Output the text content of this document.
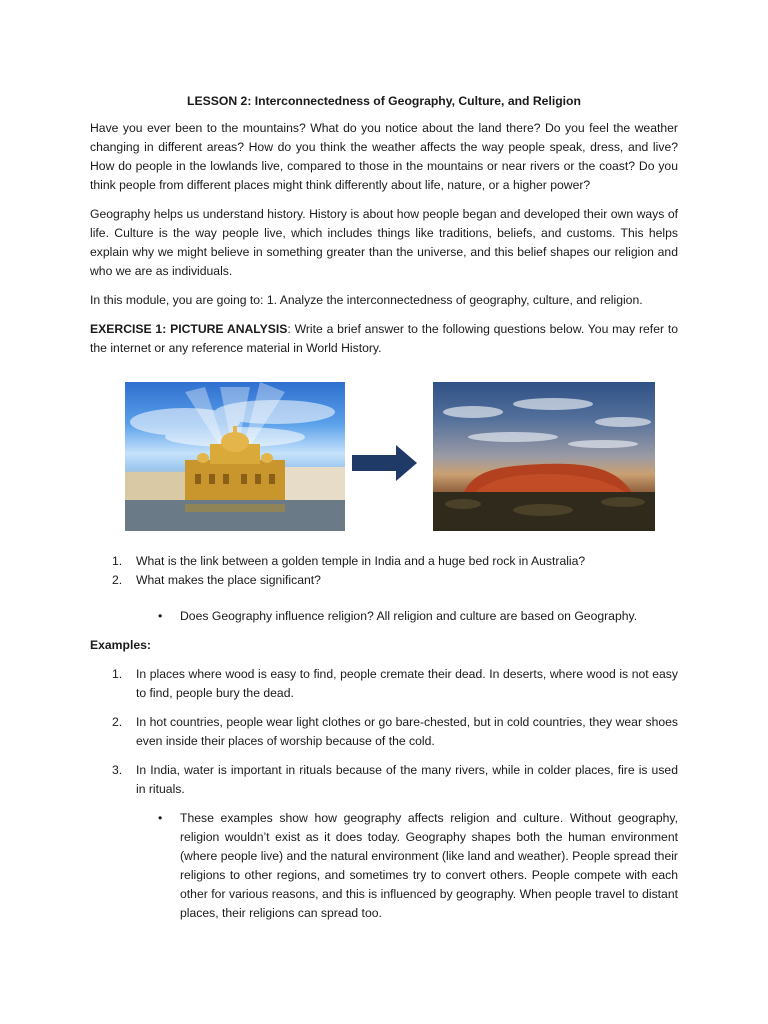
LESSON 2: Interconnectedness of Geography, Culture, and Religion

Have you ever been to the mountains? What do you notice about the land there? Do you feel the weather changing in different areas? How do you think the weather affects the way people speak, dress, and live? How do people in the lowlands live, compared to those in the mountains or near rivers or the coast? Do you think people from different places might think differently about life, nature, or a higher power?

Geography helps us understand history. History is about how people began and developed their own ways of life. Culture is the way people live, which includes things like traditions, beliefs, and customs. This helps explain why we might believe in something greater than the universe, and this belief shapes our religion and who we are as individuals.

In this module, you are going to: 1. Analyze the interconnectedness of geography, culture, and religion.

EXERCISE 1: PICTURE ANALYSIS: Write a brief answer to the following questions below. You may refer to the internet or any reference material in World History.

1. What is the link between a golden temple in India and a huge bed rock in Australia?
2. What makes the place significant?
• Does Geography influence religion? All religion and culture are based on Geography.
Examples:
1. In places where wood is easy to find, people cremate their dead. In deserts, where wood is not easy to find, people bury the dead.
2. In hot countries, people wear light clothes or go bare-chested, but in cold countries, they wear shoes even inside their places of worship because of the cold.
3. In India, water is important in rituals because of the many rivers, while in colder places, fire is used in rituals.
• These examples show how geography affects religion and culture. Without geography, religion wouldn’t exist as it does today. Geography shapes both the human environment (where people live) and the natural environment (like land and weather). People spread their religions to other regions, and sometimes try to convert others. People compete with each other for various reasons, and this is influenced by geography. When people travel to distant places, their religions can spread too.
